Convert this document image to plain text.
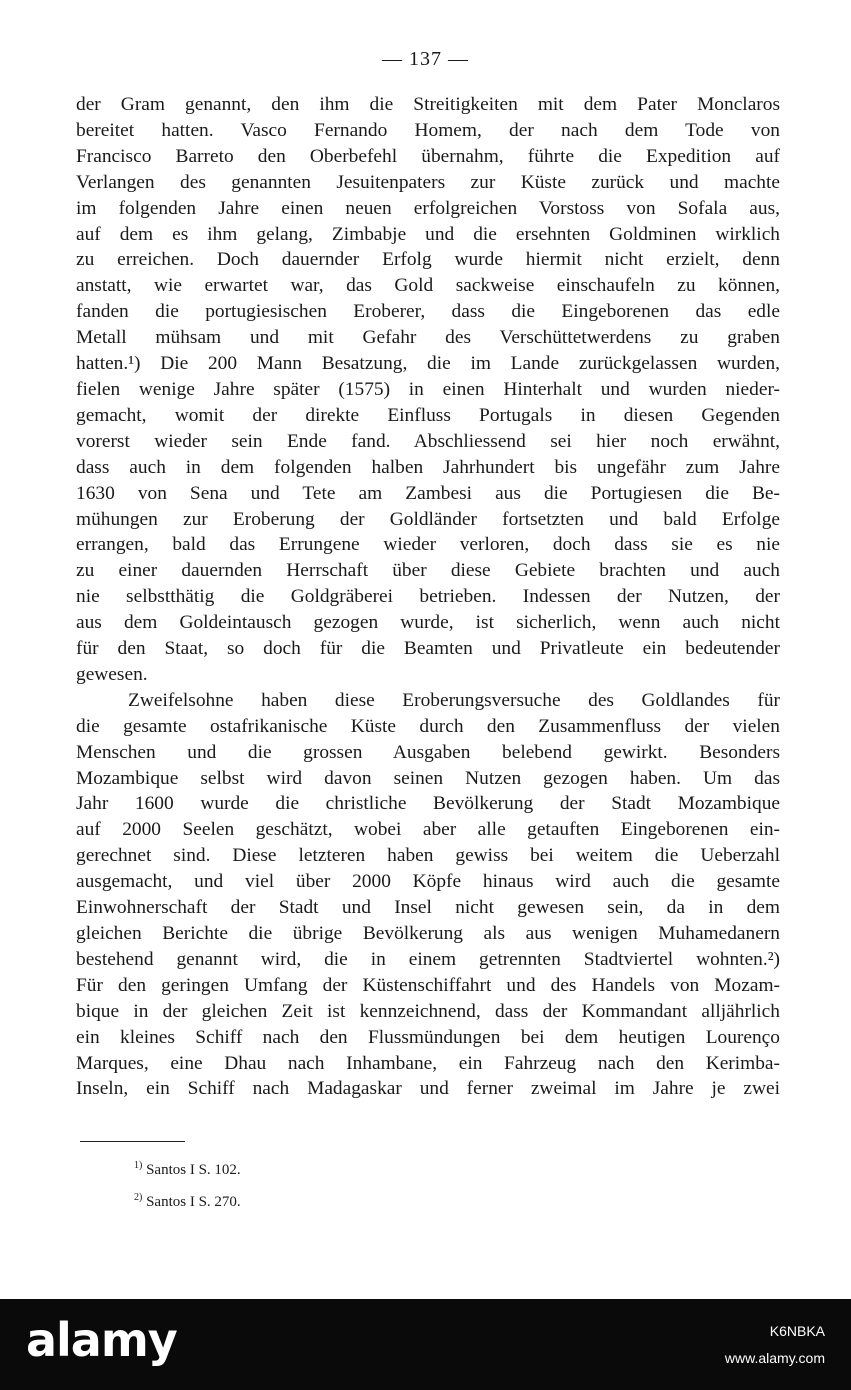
— 137 —
der Gram genannt, den ihm die Streitigkeiten mit dem Pater Monclaros
bereitet hatten. Vasco Fernando Homem, der nach dem Tode von
Francisco Barreto den Oberbefehl übernahm, führte die Expedition auf
Verlangen des genannten Jesuitenpaters zur Küste zurück und machte
im folgenden Jahre einen neuen erfolgreichen Vorstoss von Sofala aus,
auf dem es ihm gelang, Zimbabje und die ersehnten Goldminen wirklich
zu erreichen. Doch dauernder Erfolg wurde hiermit nicht erzielt, denn
anstatt, wie erwartet war, das Gold sackweise einschaufeln zu können,
fanden die portugiesischen Eroberer, dass die Eingeborenen das edle
Metall mühsam und mit Gefahr des Verschüttetwerdens zu graben
hatten.¹) Die 200 Mann Besatzung, die im Lande zurückgelassen wurden,
fielen wenige Jahre später (1575) in einen Hinterhalt und wurden nieder-
gemacht, womit der direkte Einfluss Portugals in diesen Gegenden
vorerst wieder sein Ende fand. Abschliessend sei hier noch erwähnt,
dass auch in dem folgenden halben Jahrhundert bis ungefähr zum Jahre
1630 von Sena und Tete am Zambesi aus die Portugiesen die Be-
mühungen zur Eroberung der Goldländer fortsetzten und bald Erfolge
errangen, bald das Errungene wieder verloren, doch dass sie es nie
zu einer dauernden Herrschaft über diese Gebiete brachten und auch
nie selbstthätig die Goldgräberei betrieben. Indessen der Nutzen, der
aus dem Goldeintausch gezogen wurde, ist sicherlich, wenn auch nicht
für den Staat, so doch für die Beamten und Privatleute ein bedeutender
gewesen.
Zweifelsohne haben diese Eroberungsversuche des Goldlandes für
die gesamte ostafrikanische Küste durch den Zusammenfluss der vielen
Menschen und die grossen Ausgaben belebend gewirkt. Besonders
Mozambique selbst wird davon seinen Nutzen gezogen haben. Um das
Jahr 1600 wurde die christliche Bevölkerung der Stadt Mozambique
auf 2000 Seelen geschätzt, wobei aber alle getauften Eingeborenen ein-
gerechnet sind. Diese letzteren haben gewiss bei weitem die Ueberzahl
ausgemacht, und viel über 2000 Köpfe hinaus wird auch die gesamte
Einwohnerschaft der Stadt und Insel nicht gewesen sein, da in dem
gleichen Berichte die übrige Bevölkerung als aus wenigen Muhamedanern
bestehend genannt wird, die in einem getrennten Stadtviertel wohnten.²)
Für den geringen Umfang der Küstenschiffahrt und des Handels von Mozam-
bique in der gleichen Zeit ist kennzeichnend, dass der Kommandant alljährlich
ein kleines Schiff nach den Flussmündungen bei dem heutigen Lourenço
Marques, eine Dhau nach Inhambane, ein Fahrzeug nach den Kerimba-
Inseln, ein Schiff nach Madagaskar und ferner zweimal im Jahre je zwei
$^{1)}$ Santos I S. 102.
$^{2)}$ Santos I S. 270.
alamy	K6NBKA
www.alamy.com
